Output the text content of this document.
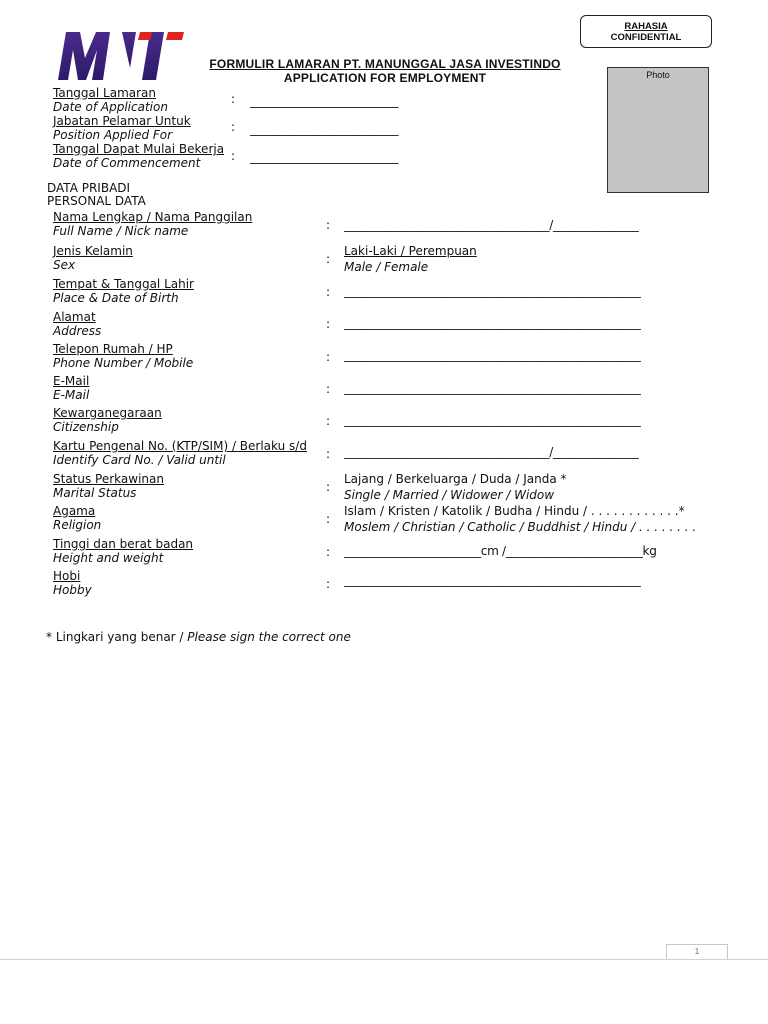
RAHASIA
CONFIDENTIAL
FORMULIR LAMARAN PT. MANUNGGAL JASA INVESTINDO
APPLICATION FOR EMPLOYMENT	Photo
Tanggal Lamaran
Date of Application
: __________________________
Jabatan Pelamar Untuk
Position Applied For
: __________________________
Tanggal Dapat Mulai Bekerja
Date of Commencement	: __________________________
DATA PRIBADI
PERSONAL DATA
Nama Lengkap / Nama Panggilan
Full Name / Nick name	: ____________________________________/_______________
Jenis Kelamin
Sex	:
Laki-Laki / Perempuan
Male / Female
Tempat & Tanggal Lahir
Place & Date of Birth	: ____________________________________________________
Alamat
Address	: ____________________________________________________
Telepon Rumah / HP
Phone Number / Mobile	: ____________________________________________________
E-Mail
E-Mail	: ____________________________________________________
Kewarganegaraan
Citizenship	: ____________________________________________________
Kartu Pengenal No. (KTP/SIM) / Berlaku s/d
Identify Card No. / Valid until	: ____________________________________/_______________
Status Perkawinan
Marital Status	:
Lajang / Berkeluarga / Duda / Janda *
Single / Married / Widower / Widow
Agama
Religion	:
Islam / Kristen / Katolik / Budha / Hindu / . . . . . . . . . . . .*
Moslem / Christian / Catholic / Buddhist / Hindu / . . . . . . . .
Tinggi dan berat badan
Height and weight	: ________________________cm /________________________kg
Hobi
Hobby	: ____________________________________________________
* Lingkari yang benar / Please sign the correct one
1
